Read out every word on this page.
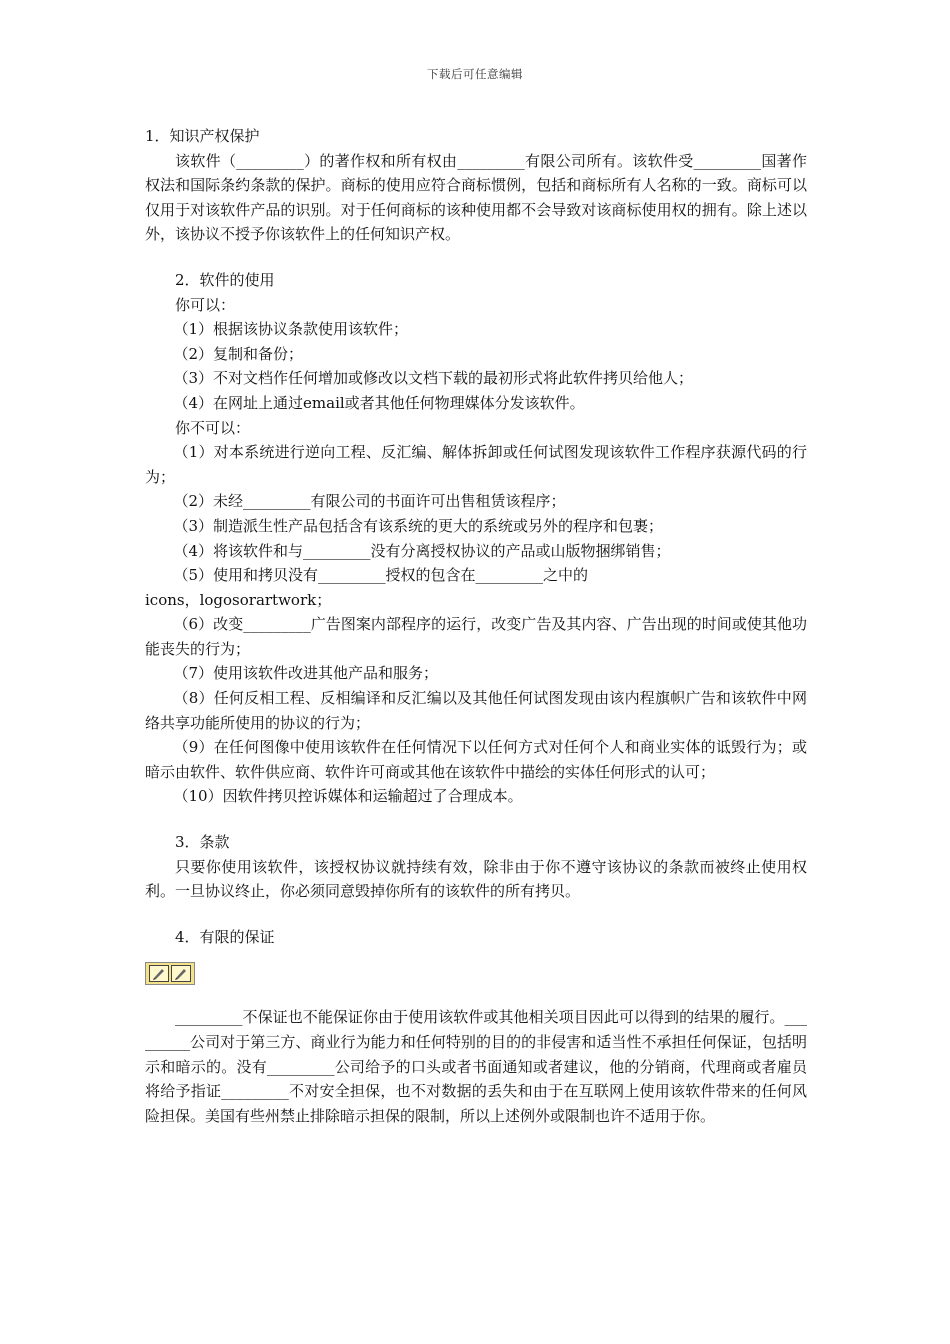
下载后可任意编辑

1．知识产权保护

该软件（_________）的著作权和所有权由_________有限公司所有。该软件受_________国著作权法和国际条约条款的保护。商标的使用应符合商标惯例，包括和商标所有人名称的一致。商标可以仅用于对该软件产品的识别。对于任何商标的该种使用都不会导致对该商标使用权的拥有。除上述以外，该协议不授予你该软件上的任何知识产权。

2．软件的使用

你可以：

（1）根据该协议条款使用该软件；

（2）复制和备份；

（3）不对文档作任何增加或修改以文档下载的最初形式将此软件拷贝给他人；

（4）在网址上通过email或者其他任何物理媒体分发该软件。

你不可以：

（1）对本系统进行逆向工程、反汇编、解体拆卸或任何试图发现该软件工作程序获源代码的行为；

（2）未经_________有限公司的书面许可出售租赁该程序；

（3）制造派生性产品包括含有该系统的更大的系统或另外的程序和包裹；

（4）将该软件和与_________没有分离授权协议的产品或山版物捆绑销售；

（5）使用和拷贝没有_________授权的包含在_________之中的

icons，logosorartwork；

（6）改变_________广告图案内部程序的运行，改变广告及其内容、广告出现的时间或使其他功能丧失的行为；

（7）使用该软件改进其他产品和服务；

（8）任何反相工程、反相编译和反汇编以及其他任何试图发现由该内程旗帜广告和该软件中网络共享功能所使用的协议的行为；

（9）在任何图像中使用该软件在任何情况下以任何方式对任何个人和商业实体的诋毁行为；或暗示由软件、软件供应商、软件许可商或其他在该软件中描绘的实体任何形式的认可；

（10）因软件拷贝控诉媒体和运输超过了合理成本。

3．条款

只要你使用该软件，该授权协议就持续有效，除非由于你不遵守该协议的条款而被终止使用权利。一旦协议终止，你必须同意毁掉你所有的该软件的所有拷贝。

4．有限的保证

_________不保证也不能保证你由于使用该软件或其他相关项目因此可以得到的结果的履行。_________公司对于第三方、商业行为能力和任何特别的目的的非侵害和适当性不承担任何保证，包括明示和暗示的。没有_________公司给予的口头或者书面通知或者建议，他的分销商，代理商或者雇员将给予指证_________不对安全担保，也不对数据的丢失和由于在互联网上使用该软件带来的任何风险担保。美国有些州禁止排除暗示担保的限制，所以上述例外或限制也许不适用于你。
